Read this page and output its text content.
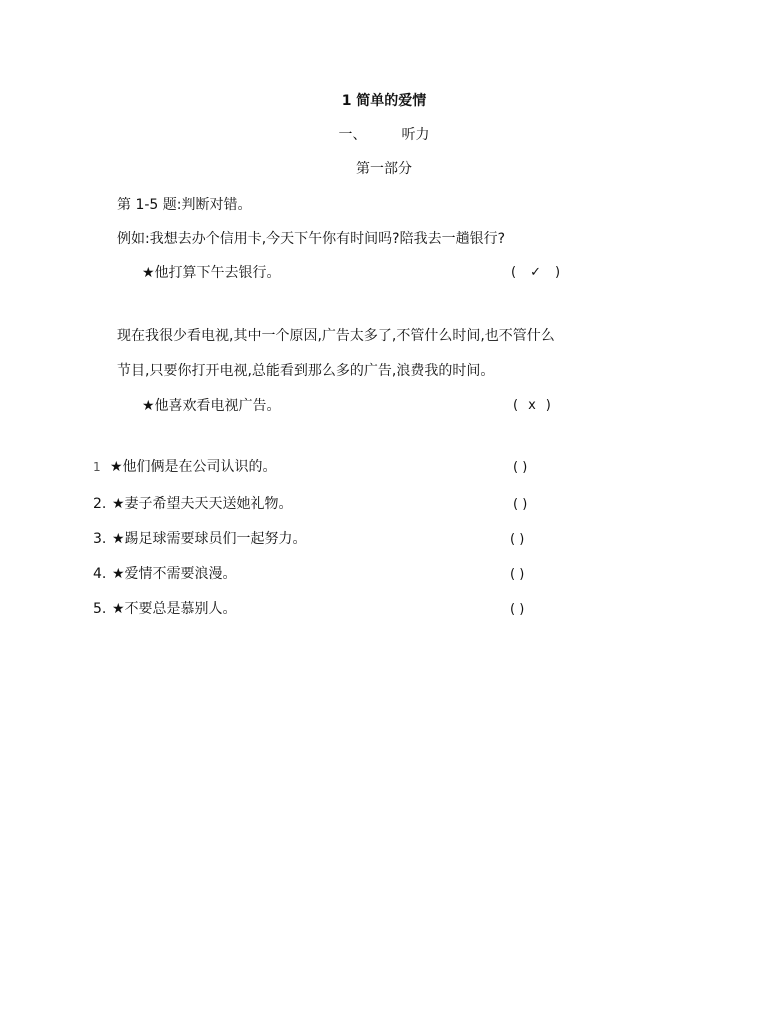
1 简单的爱情
一、 听力
第一部分
第 1-5 题:判断对错。
例如:我想去办个信用卡,今天下午你有时间吗?陪我去一趟银行?
★他打算下午去银行。	( ✓ )
现在我很少看电视,其中一个原因,广告太多了,不管什么时间,也不管什么
节目,只要你打开电视,总能看到那么多的广告,浪费我的时间。
★他喜欢看电视广告。	( x )
1 ★他们俩是在公司认识的。	( )
2. ★妻子希望夫天天送她礼物。	( )
3. ★踢足球需要球员们一起努力。	( )
4. ★爱情不需要浪漫。	( )
5. ★不要总是慕别人。	( )
